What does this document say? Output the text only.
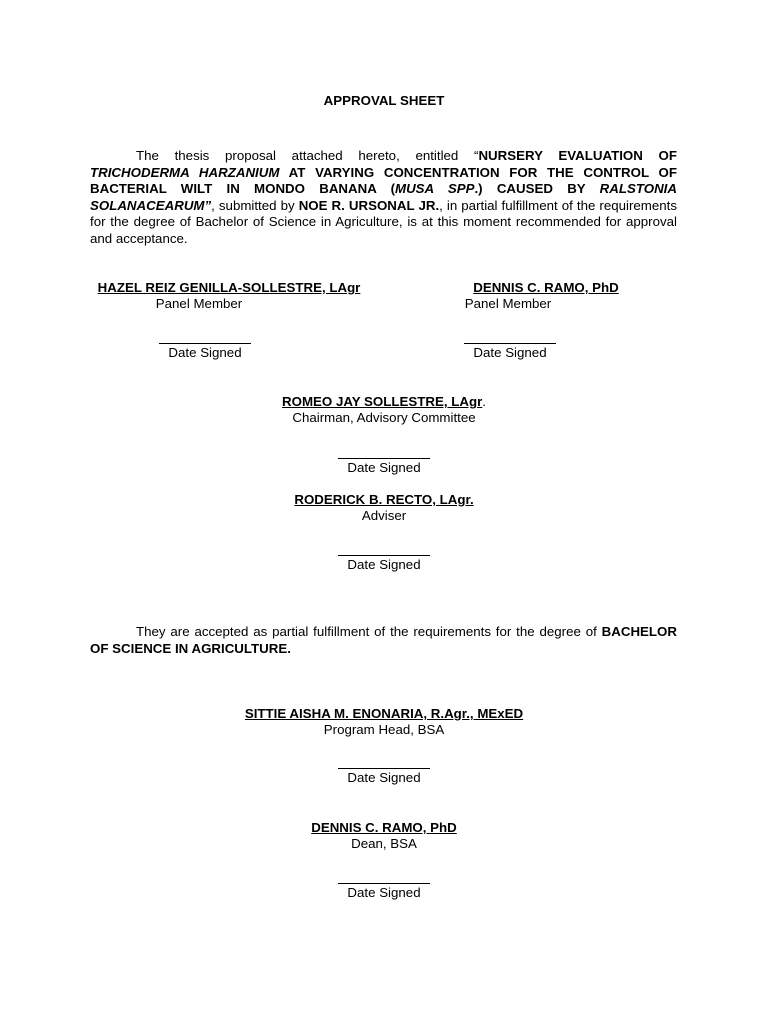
APPROVAL SHEET

The thesis proposal attached hereto, entitled “NURSERY EVALUATION OF TRICHODERMA HARZANIUM AT VARYING CONCENTRATION FOR THE CONTROL OF BACTERIAL WILT IN MONDO BANANA (MUSA SPP.) CAUSED BY RALSTONIA SOLANACEARUM”, submitted by NOE R. URSONAL JR., in partial fulfillment of the requirements for the degree of Bachelor of Science in Agriculture, is at this moment recommended for approval and acceptance.

HAZEL REIZ GENILLA-SOLLESTRE, LAgr
Panel Member
DENNIS C. RAMO, PhD
Panel Member
Date Signed	Date Signed
ROMEO JAY SOLLESTRE, LAgr.
Chairman, Advisory Committee
Date Signed
RODERICK B. RECTO, LAgr.
Adviser
Date Signed

They are accepted as partial fulfillment of the requirements for the degree of BACHELOR OF SCIENCE IN AGRICULTURE.

SITTIE AISHA M. ENONARIA, R.Agr., MExED
Program Head, BSA
Date Signed
DENNIS C. RAMO, PhD
Dean, BSA
Date Signed
